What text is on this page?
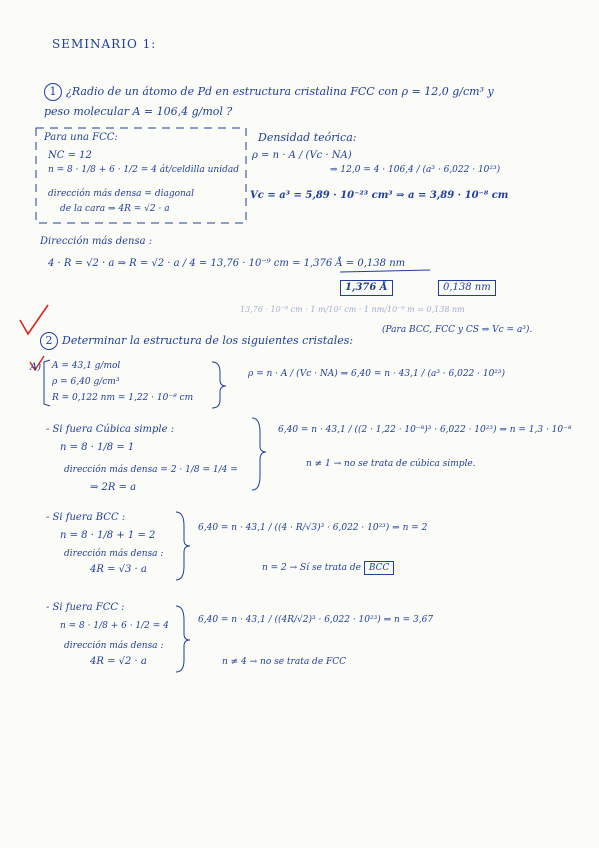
SEMINARIO 1:
1 ¿Radio de un átomo de Pd en estructura cristalina FCC con ρ = 12,0 g/cm³ y
peso molecular A = 106,4 g/mol ?
Para una FCC:
NC = 12
n = 8 · 1/8 + 6 · 1/2 = 4 át/celdilla unidad
dirección más densa = diagonal
de la cara ⇒ 4R = √2 · a
Densidad teórica:
ρ = n · A / (Vc · NA)
⇒ 12,0 = 4 · 106,4 / (a³ · 6,022 · 10²³)
Vc = a³ = 5,89 · 10⁻²³ cm³ ⇒ a = 3,89 · 10⁻⁸ cm
Dirección más densa :
4 · R = √2 · a ⇒ R = √2 · a / 4 = 13,76 · 10⁻⁹ cm = 1,376 Å = 0,138 nm
1,376 Å	0,138 nm
13,76 · 10⁻⁹ cm · 1 m/10² cm · 1 nm/10⁻⁹ m = 0,138 nm
2 Determinar la estructura de los siguientes cristales:
(Para BCC, FCC y CS ⇒ Vc = a³).
A) A = 43,1 g/mol
ρ = 6,40 g/cm³
R = 0,122 nm = 1,22 · 10⁻⁸ cm
ρ = n · A / (Vc · NA) ⇒ 6,40 = n · 43,1 / (a³ · 6,022 · 10²³)
- Si fuera Cúbica simple :
n = 8 · 1/8 = 1
dirección más densa = 2 · 1/8 = 1/4 =
⇒ 2R = a
6,40 = n · 43,1 / ((2 · 1,22 · 10⁻⁸)³ · 6,022 · 10²³) ⇒ n = 1,3 · 10⁻⁸
n ≠ 1 → no se trata de cúbica simple.
- Si fuera BCC :
n = 8 · 1/8 + 1 = 2
dirección más densa :
4R = √3 · a
6,40 = n · 43,1 / ((4 · R/√3)³ · 6,022 · 10²³) ⇒ n = 2
n = 2 → Sí se trata de BCC
- Si fuera FCC :
n = 8 · 1/8 + 6 · 1/2 = 4
dirección más densa :
4R = √2 · a
6,40 = n · 43,1 / ((4R/√2)³ · 6,022 · 10²³) ⇒ n = 3,67
n ≠ 4 → no se trata de FCC
